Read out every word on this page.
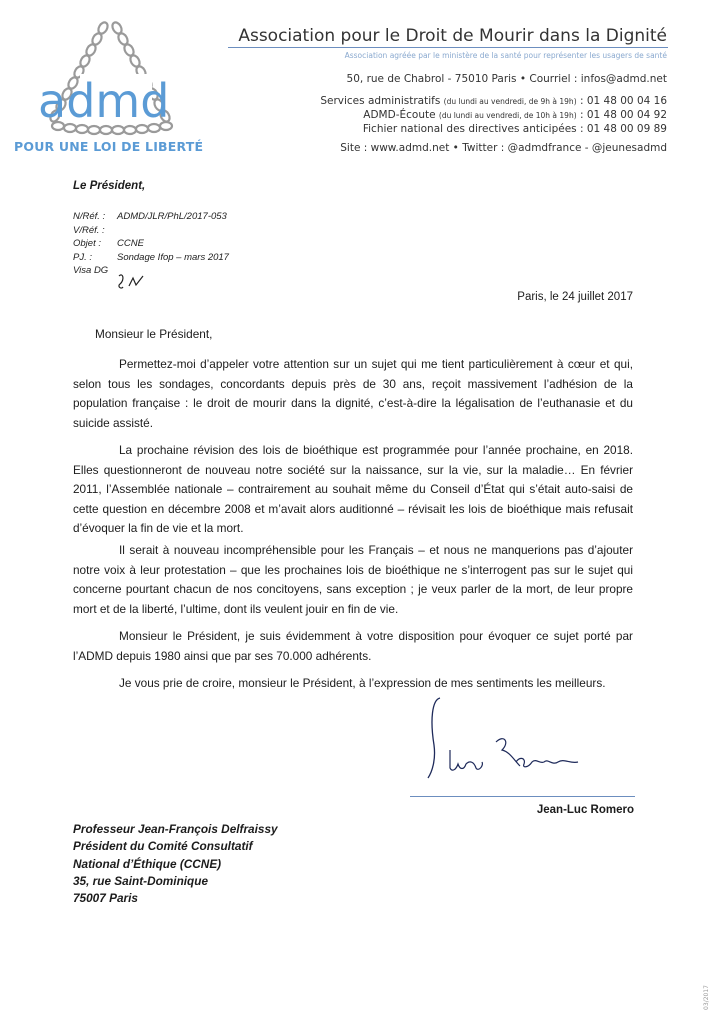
admd
POUR UNE LOI DE LIBERTÉ
Association pour le Droit de Mourir dans la Dignité
Association agréée par le ministère de la santé pour représenter les usagers de santé
50, rue de Chabrol - 75010 Paris • Courriel : infos@admd.net
Services administratifs (du lundi au vendredi, de 9h à 19h) : 01 48 00 04 16
ADMD-Écoute (du lundi au vendredi, de 10h à 19h) : 01 48 00 04 92
Fichier national des directives anticipées : 01 48 00 09 89
Site : www.admd.net • Twitter : @admdfrance - @jeunesadmd
Le Président,
N/Réf. : ADMD/JLR/PhL/2017-053
V/Réf. :
Objet : CCNE
PJ. :	Sondage Ifop – mars 2017
Visa DG
Paris, le 24 juillet 2017
Monsieur le Président,
Permettez-moi d’appeler votre attention sur un sujet qui me tient particulièrement à cœur et qui, selon tous les sondages, concordants depuis près de 30 ans, reçoit massivement l’adhésion de la population française : le droit de mourir dans la dignité, c’est-à-dire la légalisation de l’euthanasie et du suicide assisté.
La prochaine révision des lois de bioéthique est programmée pour l’année prochaine, en 2018. Elles questionneront de nouveau notre société sur la naissance, sur la vie, sur la maladie… En février 2011, l’Assemblée nationale – contrairement au souhait même du Conseil d’État qui s’était auto-saisi de cette question en décembre 2008 et m’avait alors auditionné – révisait les lois de bioéthique mais refusait d’évoquer la fin de vie et la mort.
Il serait à nouveau incompréhensible pour les Français – et nous ne manquerions pas d’ajouter notre voix à leur protestation – que les prochaines lois de bioéthique ne s’interrogent pas sur le sujet qui concerne pourtant chacun de nos concitoyens, sans exception ; je veux parler de la mort, de leur propre mort et de la liberté, l’ultime, dont ils veulent jouir en fin de vie.
Monsieur le Président, je suis évidemment à votre disposition pour évoquer ce sujet porté par l’ADMD depuis 1980 ainsi que par ses 70.000 adhérents.
Je vous prie de croire, monsieur le Président, à l’expression de mes sentiments les meilleurs.
Jean-Luc Romero
Professeur Jean-François Delfraissy
Président du Comité Consultatif
National d’Éthique (CCNE)
35, rue Saint-Dominique
75007 Paris
03/2017
